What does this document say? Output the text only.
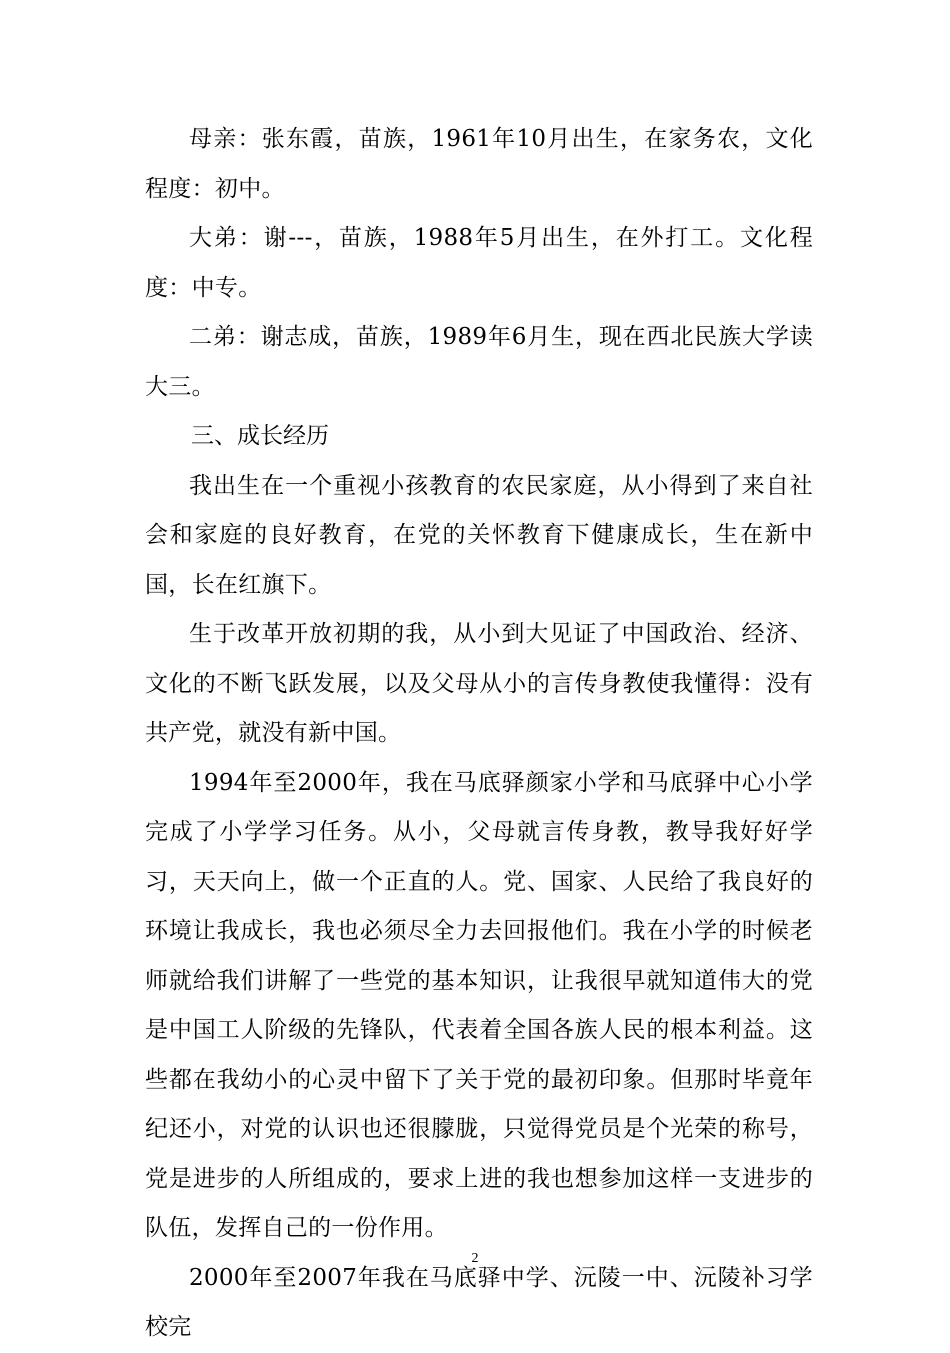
母亲：张东霞，苗族，1961年10月出生，在家务农，文化程度：初中。

大弟：谢---，苗族，1988年5月出生，在外打工。文化程度：中专。

二弟：谢志成，苗族，1989年6月生，现在西北民族大学读大三。

三、成长经历

我出生在一个重视小孩教育的农民家庭，从小得到了来自社会和家庭的良好教育，在党的关怀教育下健康成长，生在新中国，长在红旗下。

生于改革开放初期的我，从小到大见证了中国政治、经济、文化的不断飞跃发展，以及父母从小的言传身教使我懂得：没有共产党，就没有新中国。

1994年至2000年，我在马底驿颜家小学和马底驿中心小学完成了小学学习任务。从小，父母就言传身教，教导我好好学习，天天向上，做一个正直的人。党、国家、人民给了我良好的环境让我成长，我也必须尽全力去回报他们。我在小学的时候老师就给我们讲解了一些党的基本知识，让我很早就知道伟大的党是中国工人阶级的先锋队，代表着全国各族人民的根本利益。这些都在我幼小的心灵中留下了关于党的最初印象。但那时毕竟年纪还小，对党的认识也还很朦胧，只觉得党员是个光荣的称号，党是进步的人所组成的，要求上进的我也想参加这样一支进步的队伍，发挥自己的一份作用。

2000年至2007年我在马底驿中学、沅陵一中、沅陵补习学校完

2
